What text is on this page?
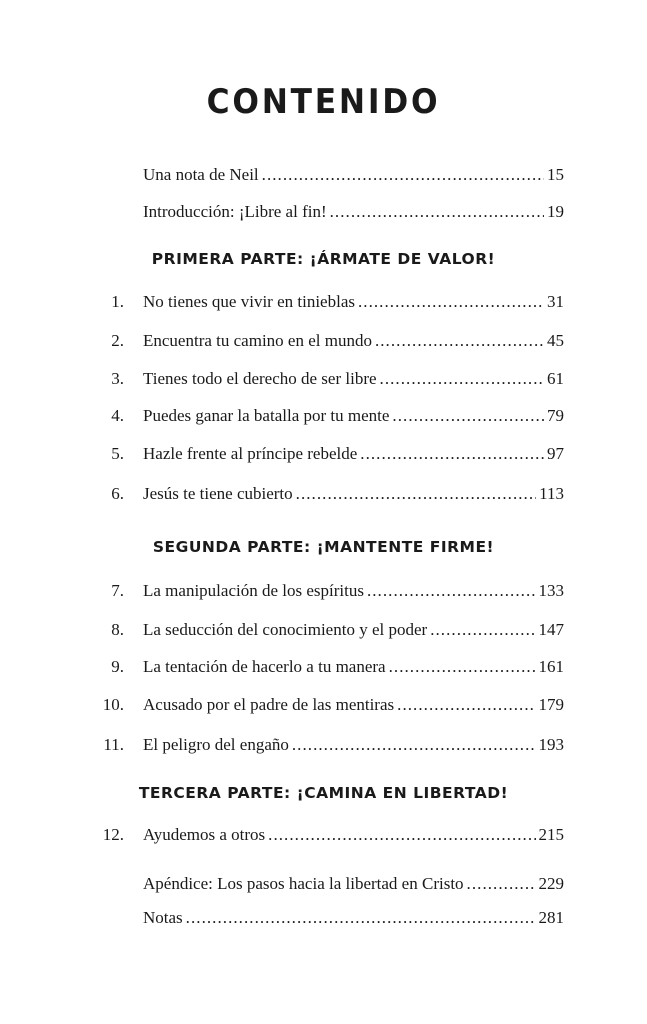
CONTENIDO
Una nota de Neil . . .	15
Introducción: ¡Libre al fin! . . .	19
PRIMERA PARTE: ¡ÁRMATE DE VALOR!
1. No tienes que vivir en tinieblas . . .	31
2. Encuentra tu camino en el mundo . . .	45
3. Tienes todo el derecho de ser libre . . .	61
4. Puedes ganar la batalla por tu mente . . .	79
5. Hazle frente al príncipe rebelde . . .	97
6. Jesús te tiene cubierto . . .	113
SEGUNDA PARTE: ¡MANTENTE FIRME!
7. La manipulación de los espíritus . . .	133
8. La seducción del conocimiento y el poder . . .	147
9. La tentación de hacerlo a tu manera . . .	161
10. Acusado por el padre de las mentiras . . .	179
11. El peligro del engaño . . .	193
TERCERA PARTE: ¡CAMINA EN LIBERTAD!
12. Ayudemos a otros . . .	215
Apéndice: Los pasos hacia la libertad en Cristo . . .	229
Notas . . .	281
